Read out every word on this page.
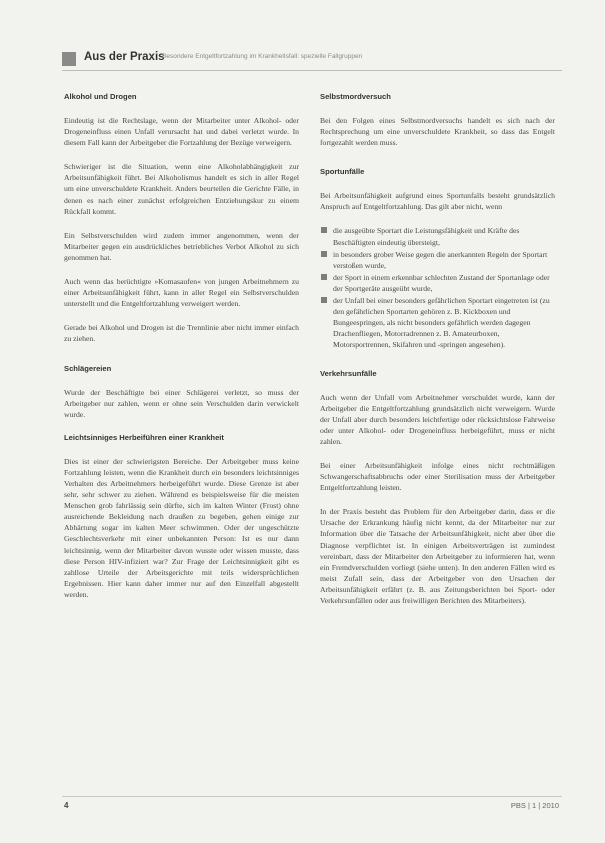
Aus der Praxis
Besondere Entgeltfortzahlung im Krankheitsfall: spezielle Fallgruppen
Alkohol und Drogen

Eindeutig ist die Rechtslage, wenn der Mitarbeiter unter Alkohol- oder Drogeneinfluss einen Unfall verursacht hat und dabei verletzt wurde. In diesem Fall kann der Arbeitgeber die Fortzahlung der Bezüge verweigern.

Schwieriger ist die Situation, wenn eine Alkoholabhängigkeit zur Arbeitsunfähigkeit führt. Bei Alkoholismus handelt es sich in aller Regel um eine unverschuldete Krankheit. Anders beurteilen die Gerichte Fälle, in denen es nach einer zunächst erfolgreichen Entziehungskur zu einem Rückfall kommt.

Ein Selbstverschulden wird zudem immer angenommen, wenn der Mitarbeiter gegen ein ausdrückliches betriebliches Verbot Alkohol zu sich genommen hat.

Auch wenn das berüchtigte »Komasaufen« von jungen Arbeitnehmern zu einer Arbeitsunfähigkeit führt, kann in aller Regel ein Selbstverschulden unterstellt und die Entgeltfortzahlung verweigert werden.

Gerade bei Alkohol und Drogen ist die Trennlinie aber nicht immer einfach zu ziehen.

Schlägereien

Wurde der Beschäftigte bei einer Schlägerei verletzt, so muss der Arbeitgeber nur zahlen, wenn er ohne sein Verschulden darin verwickelt wurde.

Leichtsinniges Herbeiführen einer Krankheit

Dies ist einer der schwierigsten Bereiche. Der Arbeitgeber muss keine Fortzahlung leisten, wenn die Krankheit durch ein besonders leichtsinniges Verhalten des Arbeitnehmers herbeigeführt wurde. Diese Grenze ist aber sehr, sehr schwer zu ziehen. Während es beispielsweise für die meisten Menschen grob fahrlässig sein dürfte, sich im kalten Winter (Frost) ohne ausreichende Bekleidung nach draußen zu begeben, gehen einige zur Abhärtung sogar im kalten Meer schwimmen. Oder der ungeschützte Geschlechtsverkehr mit einer unbekannten Person: Ist es nur dann leichtsinnig, wenn der Mitarbeiter davon wusste oder wissen musste, dass diese Person HIV-infiziert war? Zur Frage der Leichtsinnigkeit gibt es zahllose Urteile der Arbeitsgerichte mit teils widersprüchlichen Ergebnissen. Hier kann daher immer nur auf den Einzelfall abgestellt werden.

Selbstmordversuch

Bei den Folgen eines Selbstmordversuchs handelt es sich nach der Rechtsprechung um eine unverschuldete Krankheit, so dass das Entgelt fortgezahlt werden muss.

Sportunfälle

Bei Arbeitsunfähigkeit aufgrund eines Sportunfalls besteht grundsätzlich Anspruch auf Entgeltfortzahlung. Das gilt aber nicht, wenn

die ausgeübte Sportart die Leistungsfähigkeit und Kräfte des Beschäftigten eindeutig übersteigt,
in besonders grober Weise gegen die anerkannten Regeln der Sportart verstoßen wurde,
der Sport in einem erkennbar schlechten Zustand der Sportanlage oder der Sportgeräte ausgeübt wurde,
der Unfall bei einer besonders gefährlichen Sportart eingetreten ist (zu den gefährlichen Sportarten gehören z. B. Kickboxen und Bungeespringen, als nicht besonders gefährlich werden dagegen Drachenfliegen, Motorradrennen z. B. Amateurboxen, Motorsportrennen, Skifahren und -springen angesehen).
Verkehrsunfälle

Auch wenn der Unfall vom Arbeitnehmer verschuldet wurde, kann der Arbeitgeber die Entgeltfortzahlung grundsätzlich nicht verweigern. Wurde der Unfall aber durch besonders leichtfertige oder rücksichtslose Fahrweise oder unter Alkohol- oder Drogeneinfluss herbeigeführt, muss er nicht zahlen.

Bei einer Arbeitsunfähigkeit infolge eines nicht rechtmäßigen Schwangerschaftsabbruchs oder einer Sterilisation muss der Arbeitgeber Entgeltfortzahlung leisten.

In der Praxis besteht das Problem für den Arbeitgeber darin, dass er die Ursache der Erkrankung häufig nicht kennt, da der Mitarbeiter nur zur Information über die Tatsache der Arbeitsunfähigkeit, nicht aber über die Diagnose verpflichtet ist. In einigen Arbeitsverträgen ist zumindest vereinbart, dass der Mitarbeiter den Arbeitgeber zu informieren hat, wenn ein Fremdverschulden vorliegt (siehe unten). In den anderen Fällen wird es meist Zufall sein, dass der Arbeitgeber von den Ursachen der Arbeitsunfähigkeit erfährt (z. B. aus Zeitungsberichten bei Sport- oder Verkehrsunfällen oder aus freiwilligen Berichten des Mitarbeiters).

4	PBS | 1 | 2010
